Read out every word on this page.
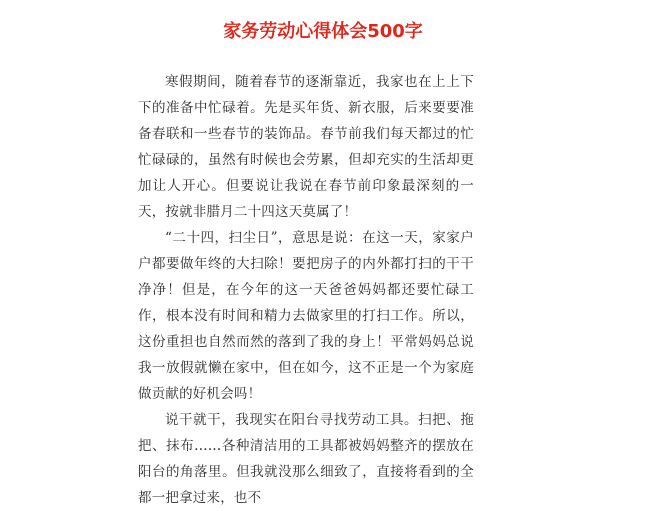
家务劳动心得体会500字

寒假期间，随着春节的逐渐靠近，我家也在上上下下的准备中忙碌着。先是买年货、新衣服，后来要要准备春联和一些春节的装饰品。春节前我们每天都过的忙忙碌碌的，虽然有时候也会劳累，但却充实的生活却更加让人开心。但要说让我说在春节前印象最深刻的一天，按就非腊月二十四这天莫属了！

“二十四，扫尘日”，意思是说：在这一天，家家户户都要做年终的大扫除！要把房子的内外都打扫的干干净净！但是，在今年的这一天爸爸妈妈都还要忙碌工作，根本没有时间和精力去做家里的打扫工作。所以，这份重担也自然而然的落到了我的身上！平常妈妈总说我一放假就懒在家中，但在如今，这不正是一个为家庭做贡献的好机会吗！

说干就干，我现实在阳台寻找劳动工具。扫把、拖把、抹布……各种清洁用的工具都被妈妈整齐的摆放在阳台的角落里。但我就没那么细致了，直接将看到的全都一把拿过来，也不
